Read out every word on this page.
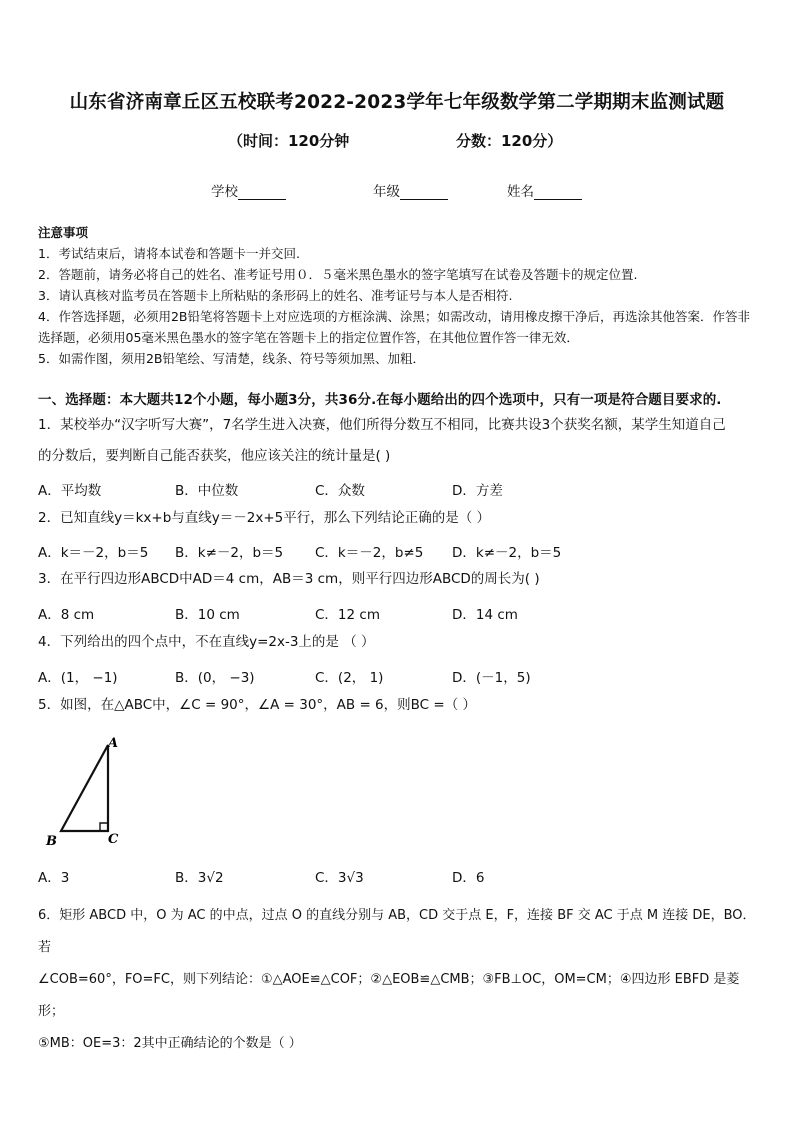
山东省济南章丘区五校联考2022-2023学年七年级数学第二学期期末监测试题
（时间：120分钟	分数：120分）
学校	年级	姓名

注意事项

1．考试结束后，请将本试卷和答题卡一并交回.

2．答题前，请务必将自己的姓名、准考证号用０．５毫米黑色墨水的签字笔填写在试卷及答题卡的规定位置.

3．请认真核对监考员在答题卡上所粘贴的条形码上的姓名、准考证号与本人是否相符.

4．作答选择题，必须用2B铅笔将答题卡上对应选项的方框涂满、涂黑；如需改动，请用橡皮擦干净后，再选涂其他答案．作答非选择题，必须用05毫米黑色墨水的签字笔在答题卡上的指定位置作答，在其他位置作答一律无效．

5．如需作图，须用2B铅笔绘、写清楚，线条、符号等须加黑、加粗．

一、选择题：本大题共12个小题，每小题3分，共36分.在每小题给出的四个选项中，只有一项是符合题目要求的.

1．某校举办“汉字听写大赛”，7名学生进入决赛，他们所得分数互不相同，比赛共设3个获奖名额，某学生知道自己

的分数后，要判断自己能否获奖，他应该关注的统计量是( )

A．平均数	B．中位数	C．众数	D．方差

2．已知直线y＝kx+b与直线y＝－2x+5平行，那么下列结论正确的是（ ）

A．k＝－2，b＝5 B．k≠－2，b＝5 C．k＝－2，b≠5 D．k≠－2，b＝5

3．在平行四边形ABCD中AD＝4 cm，AB＝3 cm，则平行四边形ABCD的周长为( )

A．8 cm	B．10 cm	C．12 cm	D．14 cm

4．下列给出的四个点中，不在直线y=2x-3上的是 （ ）

A．(1， −1)	B．(0， −3)	C．(2， 1)	D．(－1，5)

5．如图，在△ABC中，∠C = 90°，∠A = 30°，AB = 6，则BC =（ ）

A
B	C
A．3	B．3√2	C．3√3	D．6

6．矩形 ABCD 中，O 为 AC 的中点，过点 O 的直线分别与 AB，CD 交于点 E，F，连接 BF 交 AC 于点 M 连接 DE，BO．若

∠COB=60°，FO=FC，则下列结论：①△AOE≌△COF；②△EOB≌△CMB；③FB⊥OC，OM=CM；④四边形 EBFD 是菱形；

⑤MB：OE=3：2其中正确结论的个数是（ ）
